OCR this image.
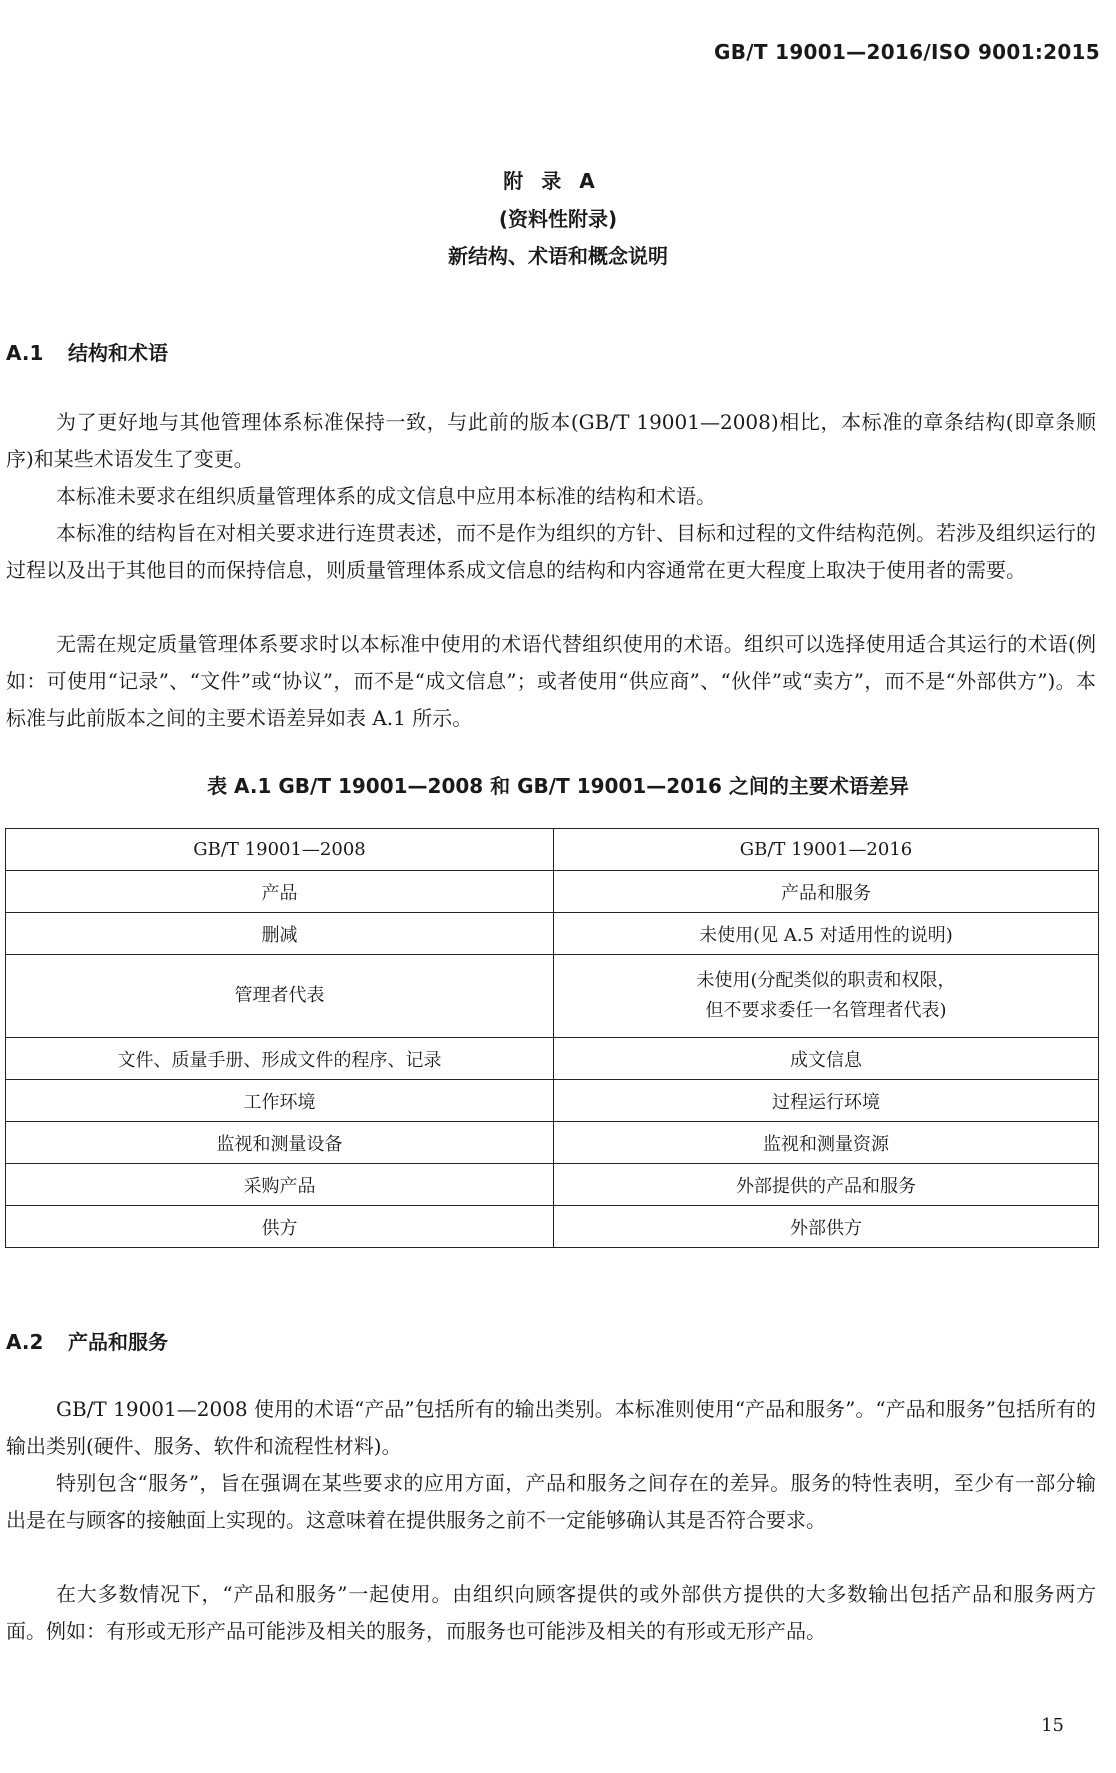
GB/T 19001—2016/ISO 9001:2015
附录A
(资料性附录)
新结构、术语和概念说明
A.1 结构和术语

为了更好地与其他管理体系标准保持一致，与此前的版本(GB/T 19001—2008)相比，本标准的章条结构(即章条顺序)和某些术语发生了变更。

本标准未要求在组织质量管理体系的成文信息中应用本标准的结构和术语。

本标准的结构旨在对相关要求进行连贯表述，而不是作为组织的方针、目标和过程的文件结构范例。若涉及组织运行的过程以及出于其他目的而保持信息，则质量管理体系成文信息的结构和内容通常在更大程度上取决于使用者的需要。

无需在规定质量管理体系要求时以本标准中使用的术语代替组织使用的术语。组织可以选择使用适合其运行的术语(例如：可使用“记录”、“文件”或“协议”，而不是“成文信息”；或者使用“供应商”、“伙伴”或“卖方”，而不是“外部供方”)。本标准与此前版本之间的主要术语差异如表 A.1 所示。

表 A.1 GB/T 19001—2008 和 GB/T 19001—2016 之间的主要术语差异
GB/T 19001—2008	GB/T 19001—2016
产品	产品和服务
删减	未使用(见 A.5 对适用性的说明)
管理者代表	未使用(分配类似的职责和权限，
但不要求委任一名管理者代表)
文件、质量手册、形成文件的程序、记录	成文信息
工作环境	过程运行环境
监视和测量设备	监视和测量资源
采购产品	外部提供的产品和服务
供方	外部供方
A.2 产品和服务

GB/T 19001—2008 使用的术语“产品”包括所有的输出类别。本标准则使用“产品和服务”。“产品和服务”包括所有的输出类别(硬件、服务、软件和流程性材料)。

特别包含“服务”，旨在强调在某些要求的应用方面，产品和服务之间存在的差异。服务的特性表明，至少有一部分输出是在与顾客的接触面上实现的。这意味着在提供服务之前不一定能够确认其是否符合要求。

在大多数情况下，“产品和服务”一起使用。由组织向顾客提供的或外部供方提供的大多数输出包括产品和服务两方面。例如：有形或无形产品可能涉及相关的服务，而服务也可能涉及相关的有形或无形产品。

15
